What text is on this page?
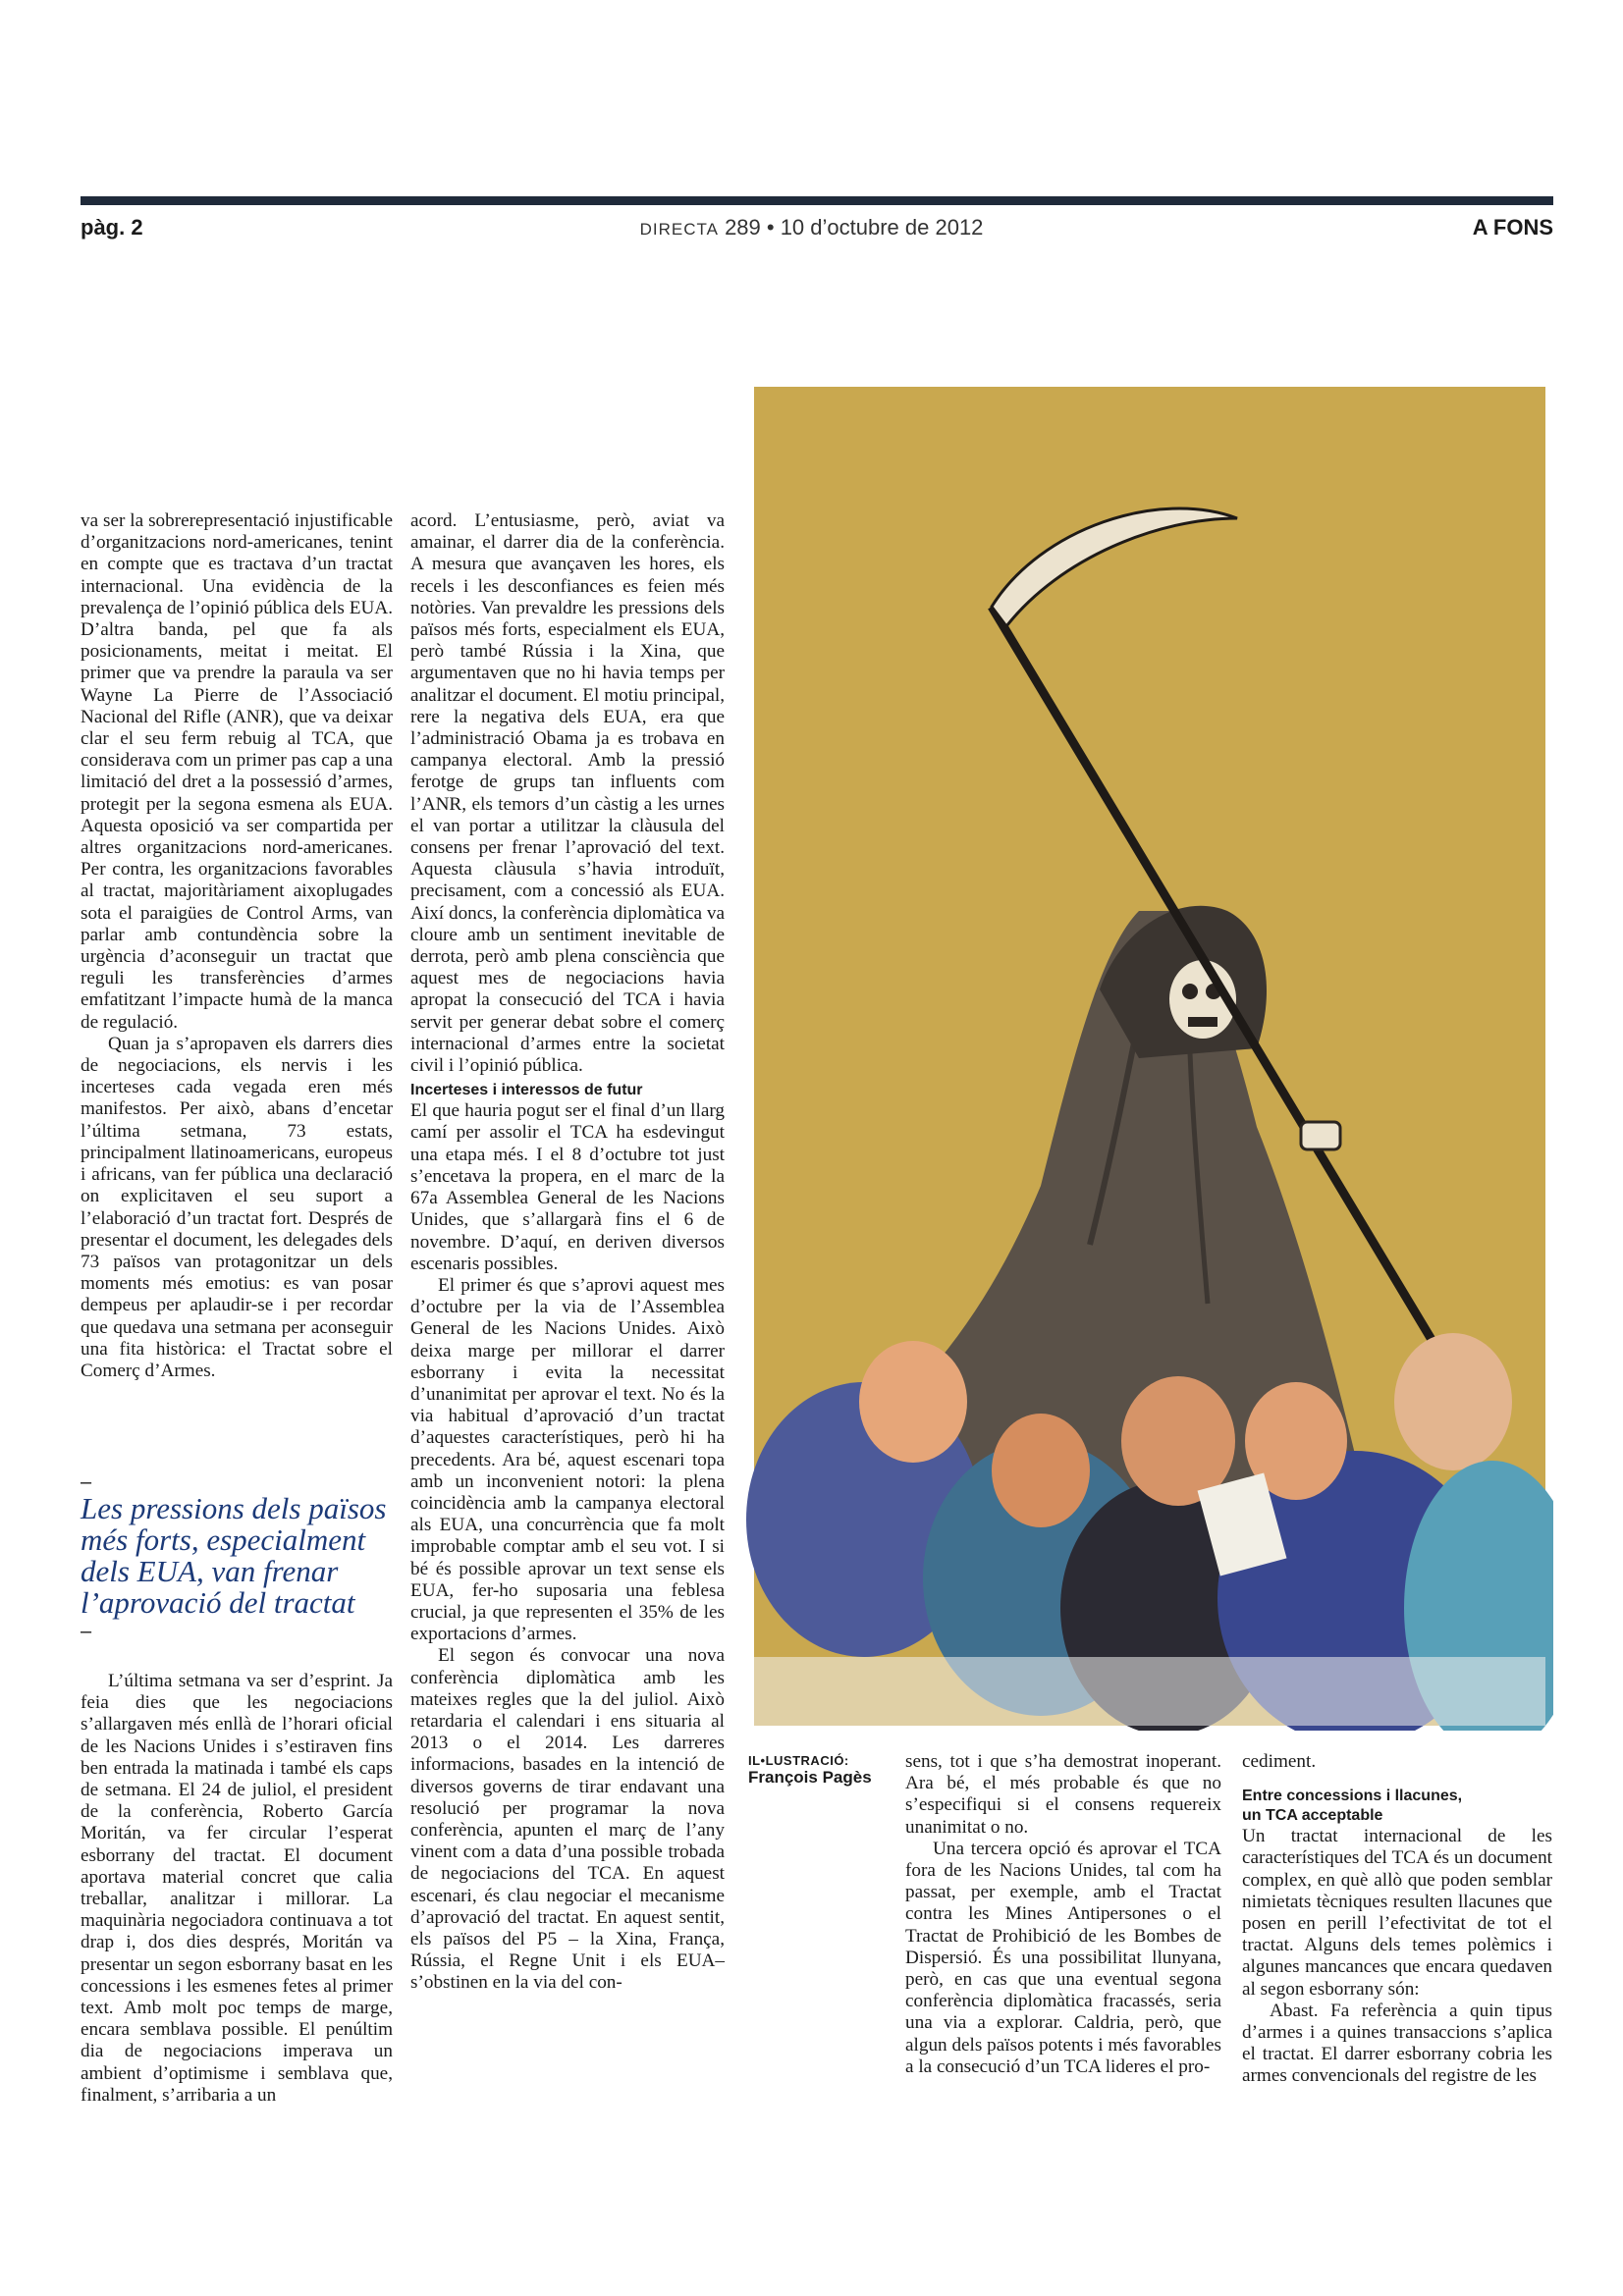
pàg. 2	DIRECTA 289 • 10 d’octubre de 2012	A FONS

va ser la sobrerepresentació injustificable d’organitzacions nord-americanes, tenint en compte que es tractava d’un tractat internacional. Una evidència de la prevalença de l’opinió pública dels EUA. D’altra banda, pel que fa als posicionaments, meitat i meitat. El primer que va prendre la paraula va ser Wayne La Pierre de l’Associació Nacional del Rifle (ANR), que va deixar clar el seu ferm rebuig al TCA, que considerava com un primer pas cap a una limitació del dret a la possessió d’armes, protegit per la segona esmena als EUA. Aquesta oposició va ser compartida per altres organitzacions nord-americanes. Per contra, les organitzacions favorables al tractat, majoritàriament aixoplugades sota el paraigües de Control Arms, van parlar amb contundència sobre la urgència d’aconseguir un tractat que reguli les transferències d’armes emfatitzant l’impacte humà de la manca de regulació.

Quan ja s’apropaven els darrers dies de negociacions, els nervis i les incerteses cada vegada eren més manifestos. Per això, abans d’encetar l’última setmana, 73 estats, principalment llatinoamericans, europeus i africans, van fer pública una declaració on explicitaven el seu suport a l’elaboració d’un tractat fort. Després de presentar el document, les delegades dels 73 països van protagonitzar un dels moments més emotius: es van posar dempeus per aplaudir-se i per recordar que quedava una setmana per aconseguir una fita històrica: el Tractat sobre el Comerç d’Armes.

–
Les pressions dels països més forts, especialment dels EUA, van frenar l’aprovació del tractat
–

L’última setmana va ser d’esprint. Ja feia dies que les negociacions s’allargaven més enllà de l’horari oficial de les Nacions Unides i s’estiraven fins ben entrada la matinada i també els caps de setmana. El 24 de juliol, el president de la conferència, Roberto García Moritán, va fer circular l’esperat esborrany del tractat. El document aportava material concret que calia treballar, analitzar i millorar. La maquinària negociadora continuava a tot drap i, dos dies després, Moritán va presentar un segon esborrany basat en les concessions i les esmenes fetes al primer text. Amb molt poc temps de marge, encara semblava possible. El penúltim dia de negociacions imperava un ambient d’optimisme i semblava que, finalment, s’arribaria a un

acord. L’entusiasme, però, aviat va amainar, el darrer dia de la conferència. A mesura que avançaven les hores, els recels i les desconfiances es feien més notòries. Van prevaldre les pressions dels països més forts, especialment els EUA, però també Rússia i la Xina, que argumentaven que no hi havia temps per analitzar el document. El motiu principal, rere la negativa dels EUA, era que l’administració Obama ja es trobava en campanya electoral. Amb la pressió ferotge de grups tan influents com l’ANR, els temors d’un càstig a les urnes el van portar a utilitzar la clàusula del consens per frenar l’aprovació del text. Aquesta clàusula s’havia introduït, precisament, com a concessió als EUA. Així doncs, la conferència diplomàtica va cloure amb un sentiment inevitable de derrota, però amb plena consciència que aquest mes de negociacions havia apropat la consecució del TCA i havia servit per generar debat sobre el comerç internacional d’armes entre la societat civil i l’opinió pública.

Incerteses i interessos de futur

El que hauria pogut ser el final d’un llarg camí per assolir el TCA ha esdevingut una etapa més. I el 8 d’octubre tot just s’encetava la propera, en el marc de la 67a Assemblea General de les Nacions Unides, que s’allargarà fins el 6 de novembre. D’aquí, en deriven diversos escenaris possibles.

El primer és que s’aprovi aquest mes d’octubre per la via de l’Assemblea General de les Nacions Unides. Això deixa marge per millorar el darrer esborrany i evita la necessitat d’unanimitat per aprovar el text. No és la via habitual d’aprovació d’un tractat d’aquestes característiques, però hi ha precedents. Ara bé, aquest escenari topa amb un inconvenient notori: la plena coincidència amb la campanya electoral als EUA, una concurrència que fa molt improbable comptar amb el seu vot. I si bé és possible aprovar un text sense els EUA, fer-ho suposaria una feblesa crucial, ja que representen el 35% de les exportacions d’armes.

El segon és convocar una nova conferència diplomàtica amb les mateixes regles que la del juliol. Això retardaria el calendari i ens situaria al 2013 o el 2014. Les darreres informacions, basades en la intenció de diversos governs de tirar endavant una resolució per programar la nova conferència, apunten el març de l’any vinent com a data d’una possible trobada de negociacions del TCA. En aquest escenari, és clau negociar el mecanisme d’aprovació del tractat. En aquest sentit, els països del P5 – la Xina, França, Rússia, el Regne Unit i els EUA– s’obstinen en la via del con-

IL•LUSTRACIÓ:
François Pagès

sens, tot i que s’ha demostrat inoperant. Ara bé, el més probable és que no s’especifiqui si el consens requereix unanimitat o no.

Una tercera opció és aprovar el TCA fora de les Nacions Unides, tal com ha passat, per exemple, amb el Tractat contra les Mines Antipersones o el Tractat de Prohibició de les Bombes de Dispersió. És una possibilitat llunyana, però, en cas que una eventual segona conferència diplomàtica fracassés, seria una via a explorar. Caldria, però, que algun dels països potents i més favorables a la consecució d’un TCA lideres el pro-

cediment.

Entre concessions i llacunes,
un TCA acceptable

Un tractat internacional de les característiques del TCA és un document complex, en què allò que poden semblar nimietats tècniques resulten llacunes que posen en perill l’efectivitat de tot el tractat. Alguns dels temes polèmics i algunes mancances que encara quedaven al segon esborrany són:

Abast. Fa referència a quin tipus d’armes i a quines transaccions s’aplica el tractat. El darrer esborrany cobria les armes convencionals del registre de les
